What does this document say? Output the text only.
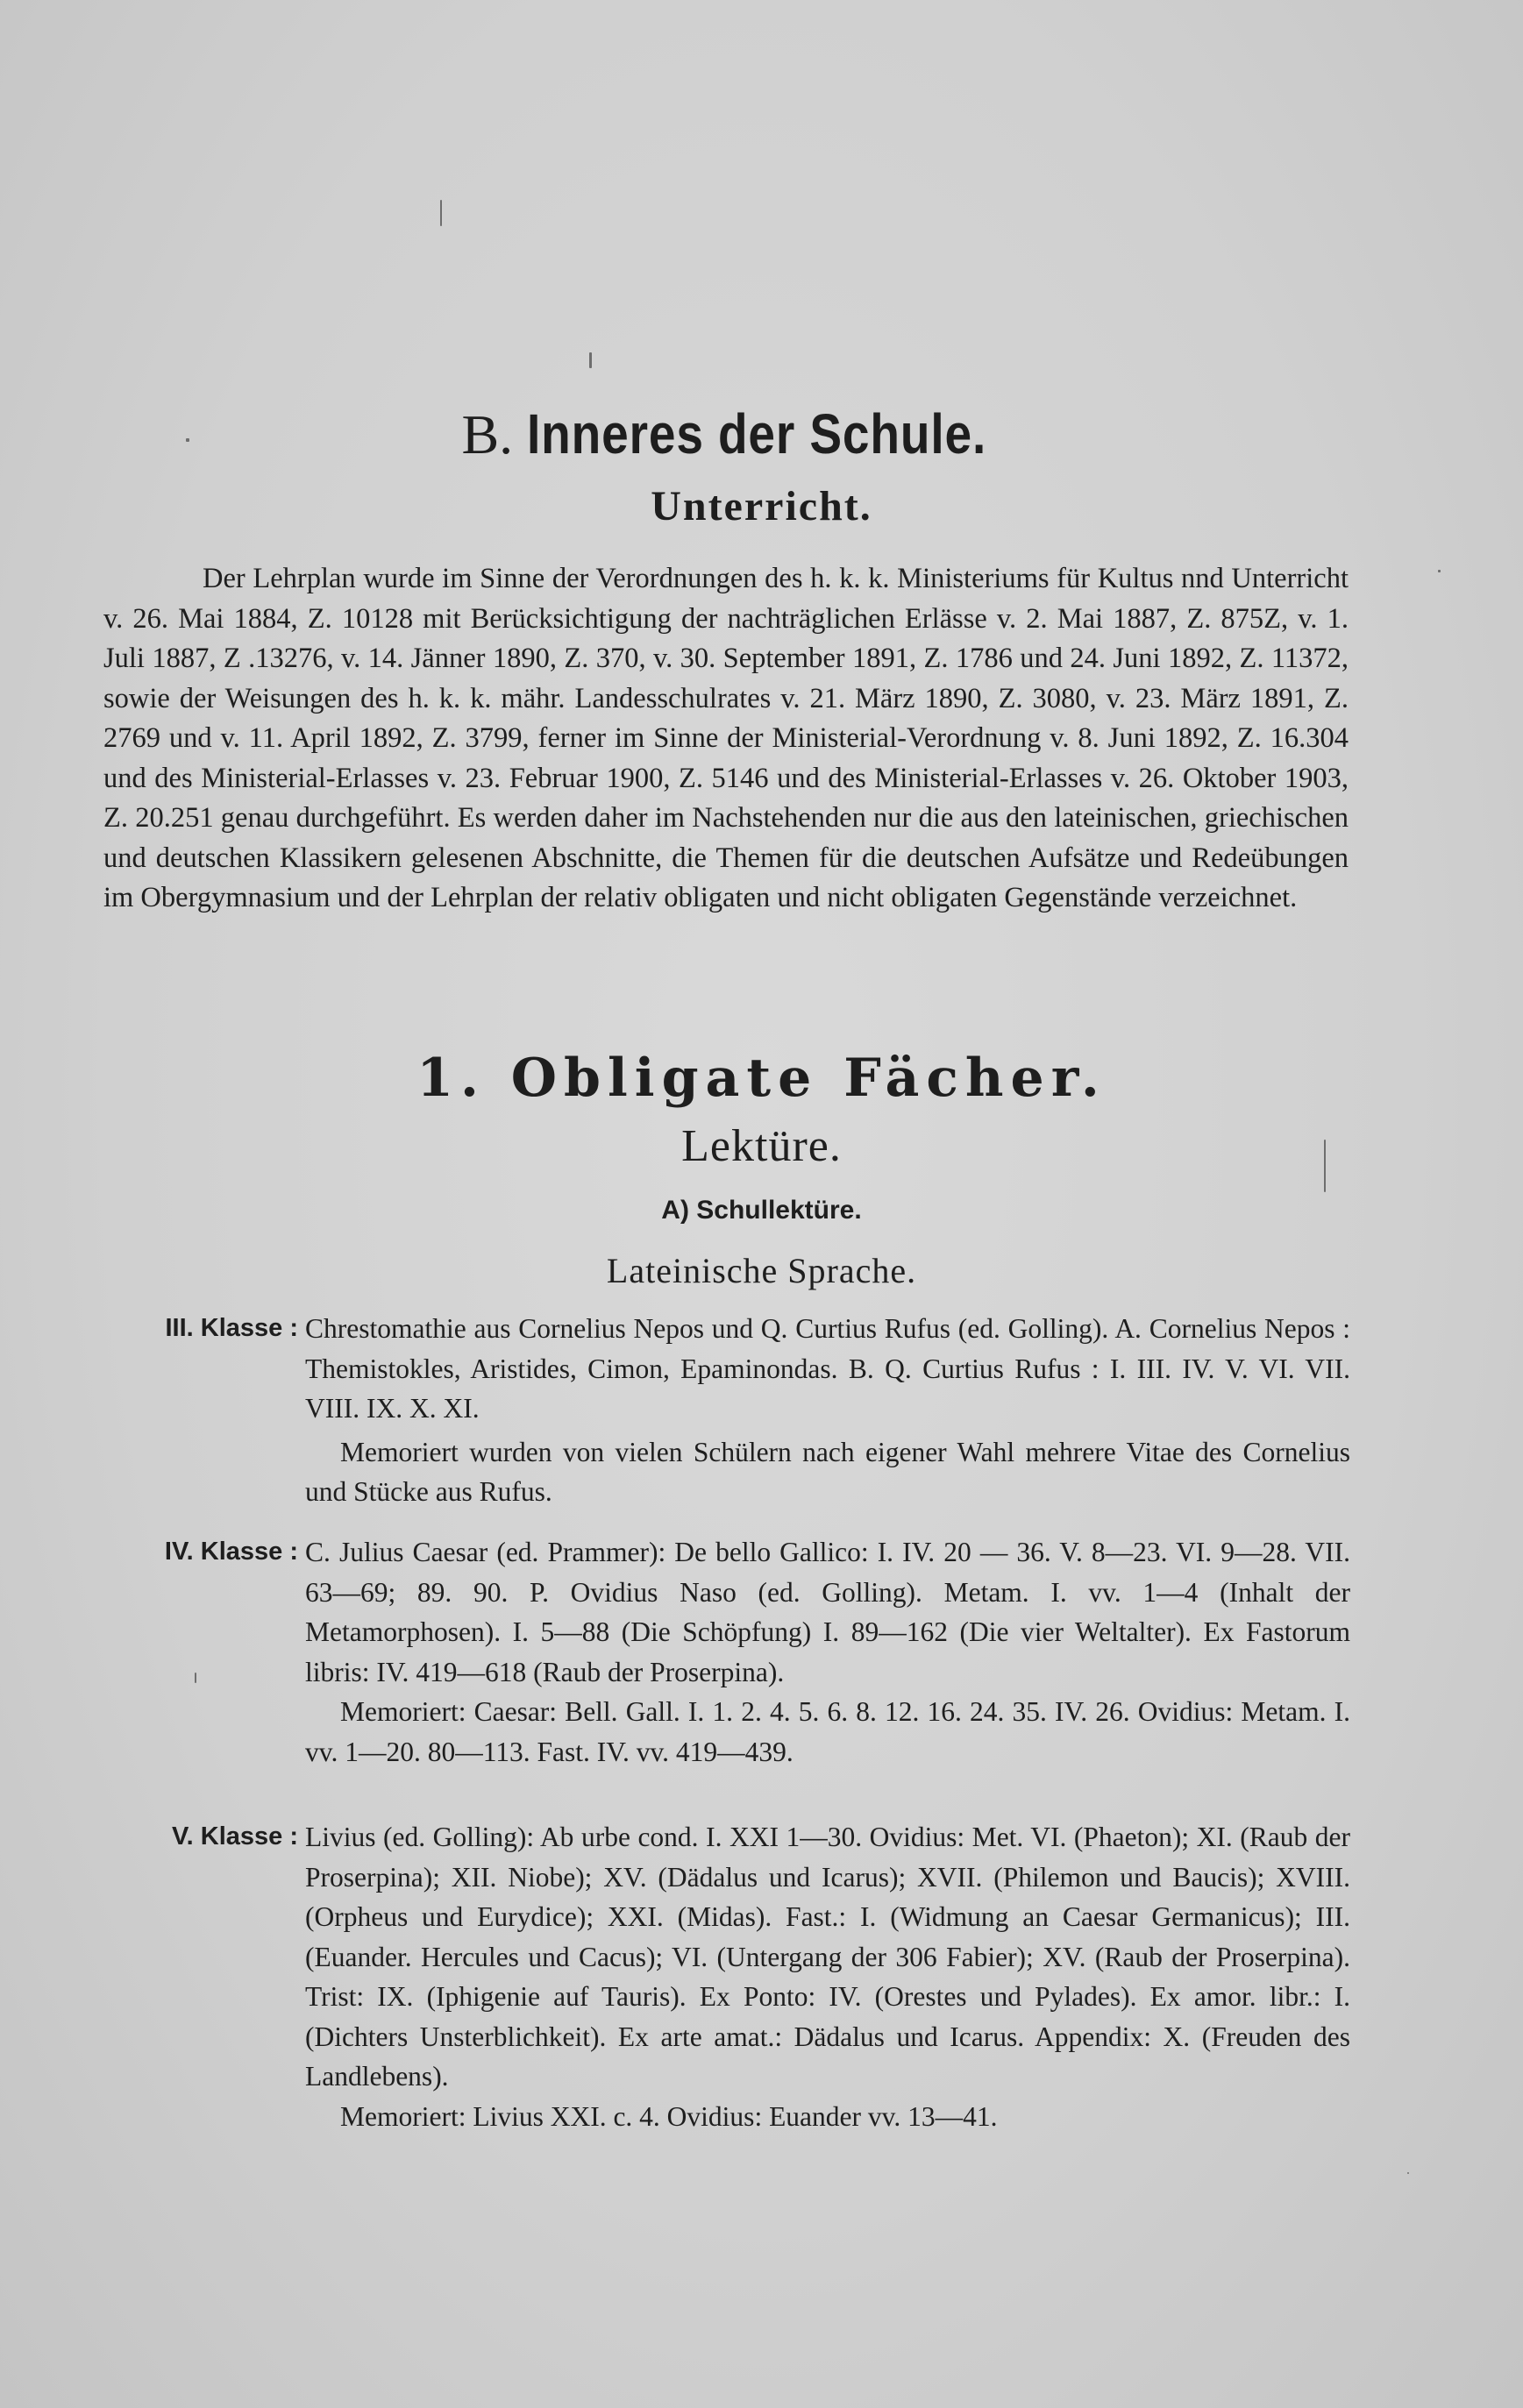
B. Inneres der Schule.
Unterricht.
Der Lehrplan wurde im Sinne der Verordnungen des h. k. k. Ministeriums für Kultus nnd Unterricht v. 26. Mai 1884, Z. 10128 mit Berücksichtigung der nachträglichen Erlässe v. 2. Mai 1887, Z. 875Z, v. 1. Juli 1887, Z .13276, v. 14. Jänner 1890, Z. 370, v. 30. September 1891, Z. 1786 und 24. Juni 1892, Z. 11372, sowie der Weisungen des h. k. k. mähr. Landesschulrates v. 21. März 1890, Z. 3080, v. 23. März 1891, Z. 2769 und v. 11. April 1892, Z. 3799, ferner im Sinne der Ministerial-Verordnung v. 8. Juni 1892, Z. 16.304 und des Ministerial-Erlasses v. 23. Februar 1900, Z. 5146 und des Ministerial-Erlasses v. 26. Oktober 1903, Z. 20.251 genau durchgeführt. Es werden daher im Nachstehenden nur die aus den lateinischen, griechischen und deutschen Klassikern gelesenen Abschnitte, die Themen für die deutschen Aufsätze und Redeübungen im Obergymnasium und der Lehrplan der relativ obligaten und nicht obligaten Gegenstände verzeichnet.
1. Obligate Fächer.
Lektüre.
A) Schullektüre.
Lateinische Sprache.
III. Klasse : Chrestomathie aus Cornelius Nepos und Q. Curtius Rufus (ed. Golling). A. Cornelius Nepos : Themistokles, Aristides, Cimon, Epaminondas. B. Q. Curtius Rufus : I. III. IV. V. VI. VII. VIII. IX. X. XI.

Memoriert wurden von vielen Schülern nach eigener Wahl mehrere Vitae des Cornelius und Stücke aus Rufus.

IV. Klasse : C. Julius Caesar (ed. Prammer): De bello Gallico: I. IV. 20 — 36. V. 8—23. VI. 9—28. VII. 63—69; 89. 90. P. Ovidius Naso (ed. Golling). Metam. I. vv. 1—4 (Inhalt der Metamorphosen). I. 5—88 (Die Schöpfung) I. 89—162 (Die vier Weltalter). Ex Fastorum libris: IV. 419—618 (Raub der Proserpina).

Memoriert: Caesar: Bell. Gall. I. 1. 2. 4. 5. 6. 8. 12. 16. 24. 35. IV. 26. Ovidius: Metam. I. vv. 1—20. 80—113. Fast. IV. vv. 419—439.

V. Klasse : Livius (ed. Golling): Ab urbe cond. I. XXI 1—30. Ovidius: Met. VI. (Phaeton); XI. (Raub der Proserpina); XII. Niobe); XV. (Dädalus und Icarus); XVII. (Philemon und Baucis); XVIII. (Orpheus und Eurydice); XXI. (Midas). Fast.: I. (Widmung an Caesar Germanicus); III. (Euander. Hercules und Cacus); VI. (Untergang der 306 Fabier); XV. (Raub der Proserpina). Trist: IX. (Iphigenie auf Tauris). Ex Ponto: IV. (Orestes und Pylades). Ex amor. libr.: I. (Dichters Unsterblichkeit). Ex arte amat.: Dädalus und Icarus. Appendix: X. (Freuden des Landlebens).

Memoriert: Livius XXI. c. 4. Ovidius: Euander vv. 13—41.
